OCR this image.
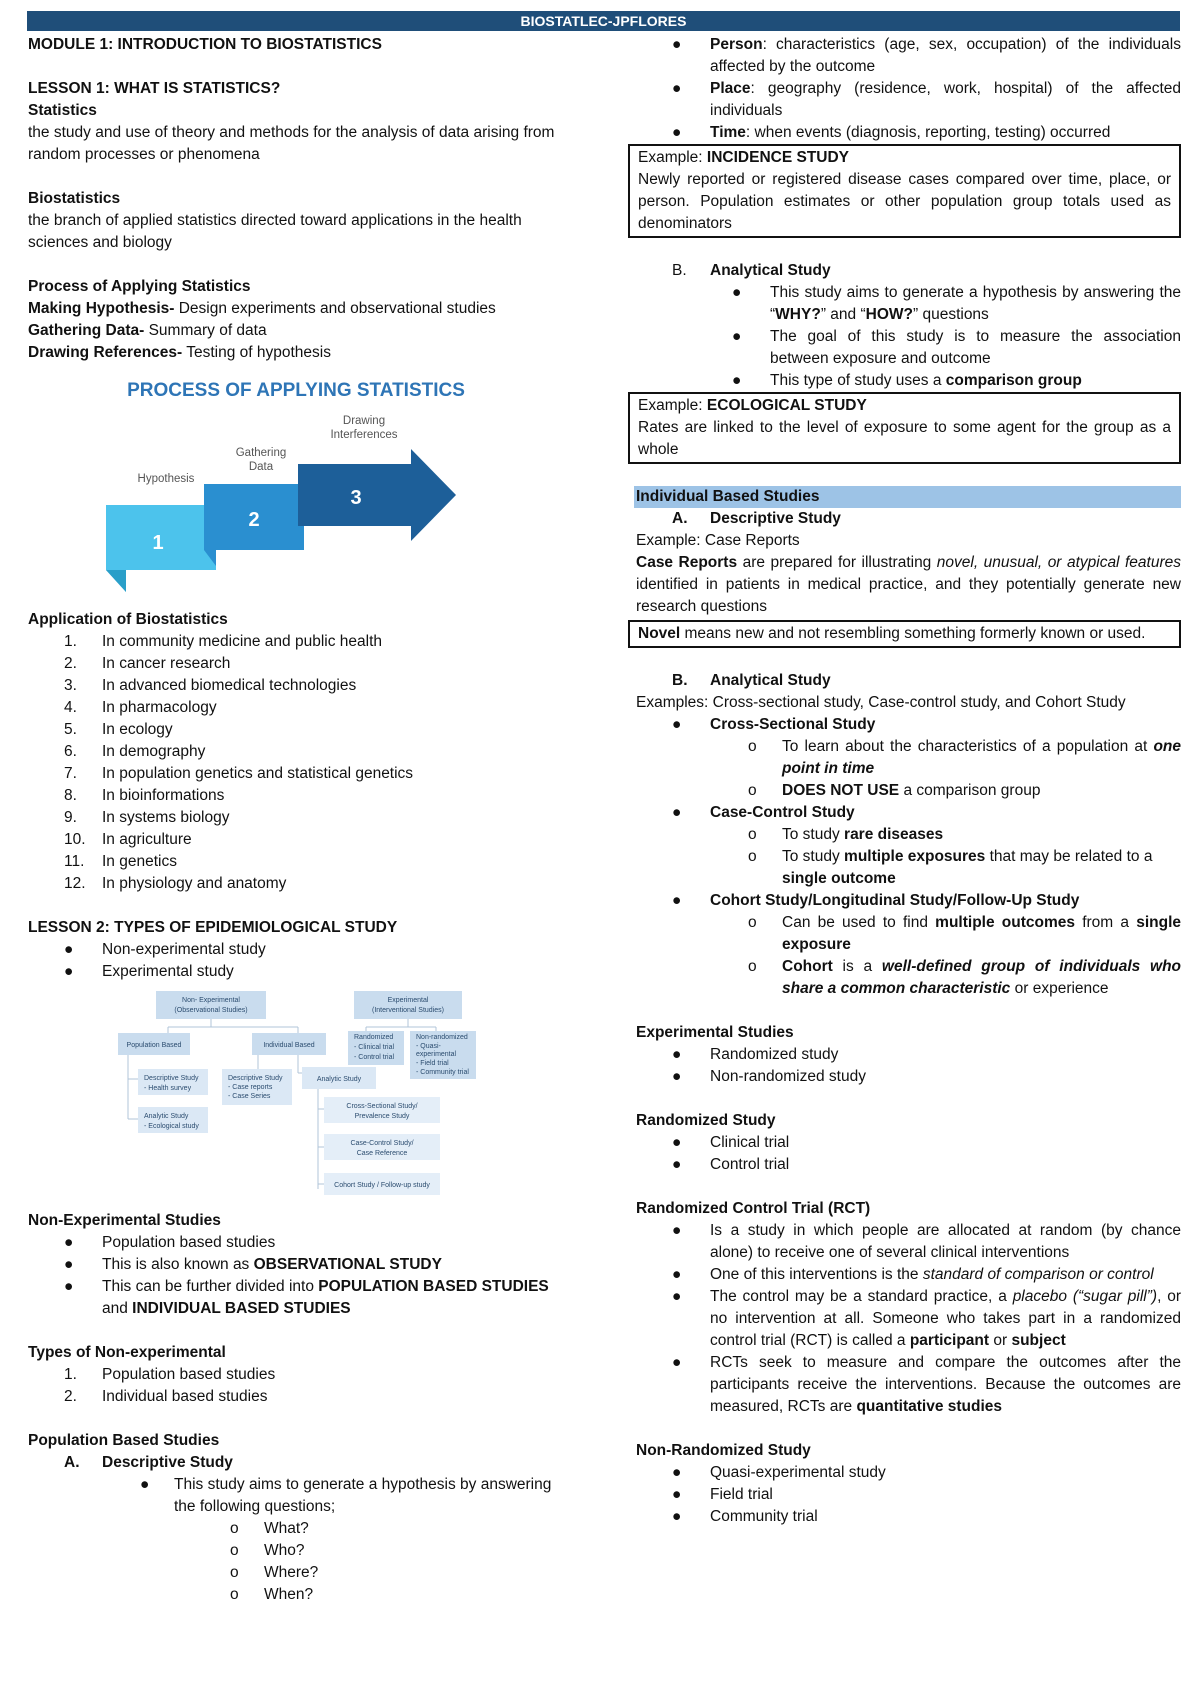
BIOSTATLEC-JPFLORES
MODULE 1: INTRODUCTION TO BIOSTATISTICS
LESSON 1: WHAT IS STATISTICS?
Statistics
the study and use of theory and methods for the analysis of data arising from random processes or phenomena
Biostatistics
the branch of applied statistics directed toward applications in the health sciences and biology
Process of Applying Statistics
Making Hypothesis- Design experiments and observational studies
Gathering Data- Summary of data
Drawing References- Testing of hypothesis
PROCESS OF APPLYING STATISTICS
Hypothesis
Gathering
Data
Drawing
Interferences
1
2
3
Application of Biostatistics
1. In community medicine and public health
2. In cancer research
3. In advanced biomedical technologies
4. In pharmacology
5. In ecology
6. In demography
7. In population genetics and statistical genetics
8. In bioinformations
9. In systems biology
10. In agriculture
11. In genetics
12. In physiology and anatomy
LESSON 2: TYPES OF EPIDEMIOLOGICAL STUDY
● Non-experimental study
● Experimental study
Non- Experimental
(Observational Studies)
Experimental
(Interventional Studies)
Population Based	Individual Based
Randomized
- Clinical trial
- Control trial
Non-randomized
- Quasi-
experimental
- Field trial
- Community trial
Descriptive Study
- Health survey
Descriptive Study
- Case reports
- Case Series
Analytic Study
Analytic Study
- Ecological study
Cross-Sectional Study/
Prevalence Study
Case-Control Study/
Case Reference
Cohort Study / Follow-up study
Non-Experimental Studies
● Population based studies
● This is also known as OBSERVATIONAL STUDY
● This can be further divided into POPULATION BASED STUDIES and INDIVIDUAL BASED STUDIES
Types of Non-experimental
1. Population based studies
2. Individual based studies
Population Based Studies
A. Descriptive Study
● This study aims to generate a hypothesis by answering the following questions;
o What?
o Who?
o Where?
o When?
● Person: characteristics (age, sex, occupation) of the individuals affected by the outcome
● Place: geography (residence, work, hospital) of the affected individuals
● Time: when events (diagnosis, reporting, testing) occurred
Example: INCIDENCE STUDY
Newly reported or registered disease cases compared over time, place, or person. Population estimates or other population group totals used as denominators
B. Analytical Study
● This study aims to generate a hypothesis by answering the “WHY?” and “HOW?” questions
● The goal of this study is to measure the association between exposure and outcome
● This type of study uses a comparison group
Example: ECOLOGICAL STUDY
Rates are linked to the level of exposure to some agent for the group as a whole
Individual Based Studies
A. Descriptive Study
Example: Case Reports
Case Reports are prepared for illustrating novel, unusual, or atypical features identified in patients in medical practice, and they potentially generate new research questions
Novel means new and not resembling something formerly known or used.
B. Analytical Study
Examples: Cross-sectional study, Case-control study, and Cohort Study
● Cross-Sectional Study
o To learn about the characteristics of a population at one point in time
o DOES NOT USE a comparison group
● Case-Control Study
o To study rare diseases
o To study multiple exposures that may be related to a single outcome
● Cohort Study/Longitudinal Study/Follow-Up Study
o Can be used to find multiple outcomes from a single exposure
o Cohort is a well-defined group of individuals who share a common characteristic or experience
Experimental Studies
● Randomized study
● Non-randomized study
Randomized Study
● Clinical trial
● Control trial
Randomized Control Trial (RCT)
● Is a study in which people are allocated at random (by chance alone) to receive one of several clinical interventions
● One of this interventions is the standard of comparison or control
● The control may be a standard practice, a placebo (“sugar pill”), or no intervention at all. Someone who takes part in a randomized control trial (RCT) is called a participant or subject
● RCTs seek to measure and compare the outcomes after the participants receive the interventions. Because the outcomes are measured, RCTs are quantitative studies
Non-Randomized Study
● Quasi-experimental study
● Field trial
● Community trial
